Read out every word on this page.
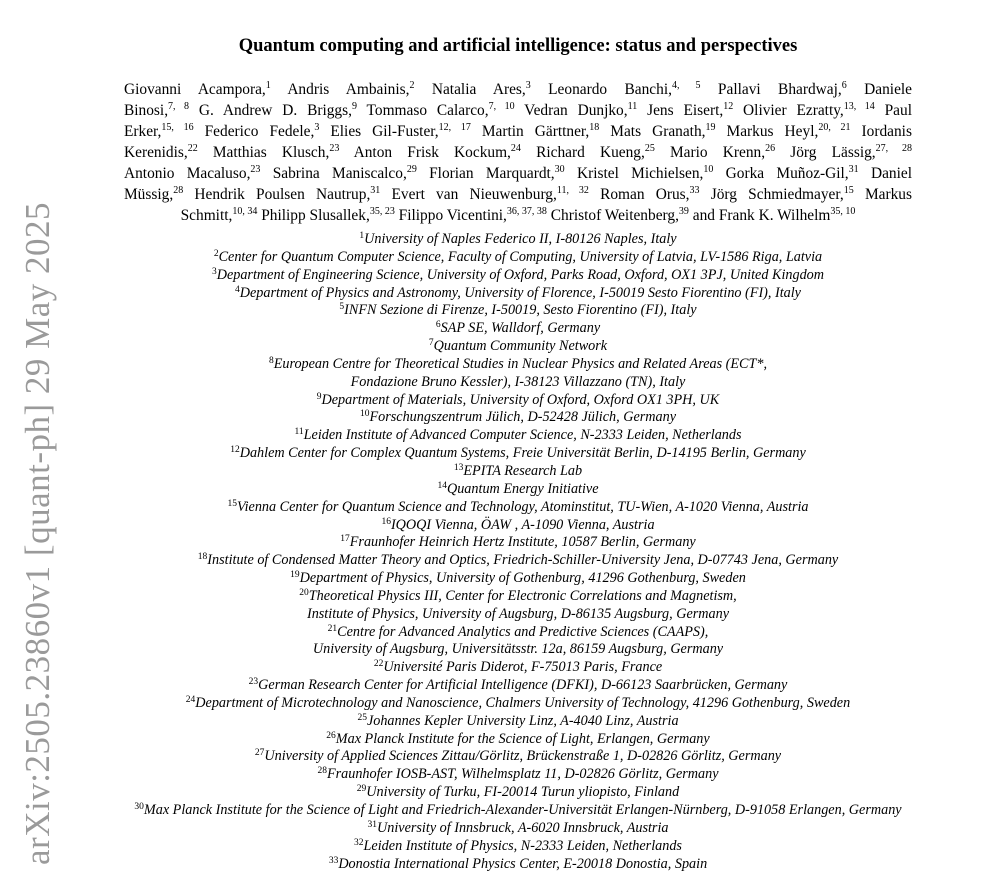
arXiv:2505.23860v1 [quant-ph] 29 May 2025
Quantum computing and artificial intelligence: status and perspectives
Giovanni Acampora,$^1$ Andris Ambainis,$^2$ Natalia Ares,$^3$ Leonardo Banchi,$^{4, 5}$ Pallavi Bhardwaj,$^6$ Daniele
Binosi,$^{7, 8}$ G. Andrew D. Briggs,$^9$ Tommaso Calarco,$^{7, 10}$ Vedran Dunjko,$^{11}$ Jens Eisert,$^{12}$ Olivier Ezratty,$^{13, 14}$ Paul
Erker,$^{15, 16}$ Federico Fedele,$^3$ Elies Gil-Fuster,$^{12, 17}$ Martin Gärttner,$^{18}$ Mats Granath,$^{19}$ Markus Heyl,$^{20, 21}$ Iordanis
Kerenidis,$^{22}$ Matthias Klusch,$^{23}$ Anton Frisk Kockum,$^{24}$ Richard Kueng,$^{25}$ Mario Krenn,$^{26}$ Jörg Lässig,$^{27, 28}$
Antonio Macaluso,$^{23}$ Sabrina Maniscalco,$^{29}$ Florian Marquardt,$^{30}$ Kristel Michielsen,$^{10}$ Gorka Muñoz-Gil,$^{31}$ Daniel
Müssig,$^{28}$ Hendrik Poulsen Nautrup,$^{31}$ Evert van Nieuwenburg,$^{11, 32}$ Roman Orus,$^{33}$ Jörg Schmiedmayer,$^{15}$ Markus
Schmitt,$^{10, 34}$ Philipp Slusallek,$^{35, 23}$ Filippo Vicentini,$^{36, 37, 38}$ Christof Weitenberg,$^{39}$ and Frank K. Wilhelm$^{35, 10}$
$^1$University of Naples Federico II, I-80126 Naples, Italy
$^2$Center for Quantum Computer Science, Faculty of Computing, University of Latvia, LV-1586 Riga, Latvia
$^3$Department of Engineering Science, University of Oxford, Parks Road, Oxford, OX1 3PJ, United Kingdom
$^4$Department of Physics and Astronomy, University of Florence, I-50019 Sesto Fiorentino (FI), Italy
$^5$INFN Sezione di Firenze, I-50019, Sesto Fiorentino (FI), Italy
$^6$SAP SE, Walldorf, Germany
$^7$Quantum Community Network
$^8$European Centre for Theoretical Studies in Nuclear Physics and Related Areas (ECT*,
Fondazione Bruno Kessler), I-38123 Villazzano (TN), Italy
$^9$Department of Materials, University of Oxford, Oxford OX1 3PH, UK
$^{10}$Forschungszentrum Jülich, D-52428 Jülich, Germany
$^{11}$Leiden Institute of Advanced Computer Science, N-2333 Leiden, Netherlands
$^{12}$Dahlem Center for Complex Quantum Systems, Freie Universität Berlin, D-14195 Berlin, Germany
$^{13}$EPITA Research Lab
$^{14}$Quantum Energy Initiative
$^{15}$Vienna Center for Quantum Science and Technology, Atominstitut, TU-Wien, A-1020 Vienna, Austria
$^{16}$IQOQI Vienna, ÖAW , A-1090 Vienna, Austria
$^{17}$Fraunhofer Heinrich Hertz Institute, 10587 Berlin, Germany
$^{18}$Institute of Condensed Matter Theory and Optics, Friedrich-Schiller-University Jena, D-07743 Jena, Germany
$^{19}$Department of Physics, University of Gothenburg, 41296 Gothenburg, Sweden
$^{20}$Theoretical Physics III, Center for Electronic Correlations and Magnetism,
Institute of Physics, University of Augsburg, D-86135 Augsburg, Germany
$^{21}$Centre for Advanced Analytics and Predictive Sciences (CAAPS),
University of Augsburg, Universitätsstr. 12a, 86159 Augsburg, Germany
$^{22}$Université Paris Diderot, F-75013 Paris, France
$^{23}$German Research Center for Artificial Intelligence (DFKI), D-66123 Saarbrücken, Germany
$^{24}$Department of Microtechnology and Nanoscience, Chalmers University of Technology, 41296 Gothenburg, Sweden
$^{25}$Johannes Kepler University Linz, A-4040 Linz, Austria
$^{26}$Max Planck Institute for the Science of Light, Erlangen, Germany
$^{27}$University of Applied Sciences Zittau/Görlitz, Brückenstraße 1, D-02826 Görlitz, Germany
$^{28}$Fraunhofer IOSB-AST, Wilhelmsplatz 11, D-02826 Görlitz, Germany
$^{29}$University of Turku, FI-20014 Turun yliopisto, Finland
$^{30}$Max Planck Institute for the Science of Light and Friedrich-Alexander-Universität Erlangen-Nürnberg, D-91058 Erlangen, Germany
$^{31}$University of Innsbruck, A-6020 Innsbruck, Austria
$^{32}$Leiden Institute of Physics, N-2333 Leiden, Netherlands
$^{33}$Donostia International Physics Center, E-20018 Donostia, Spain
